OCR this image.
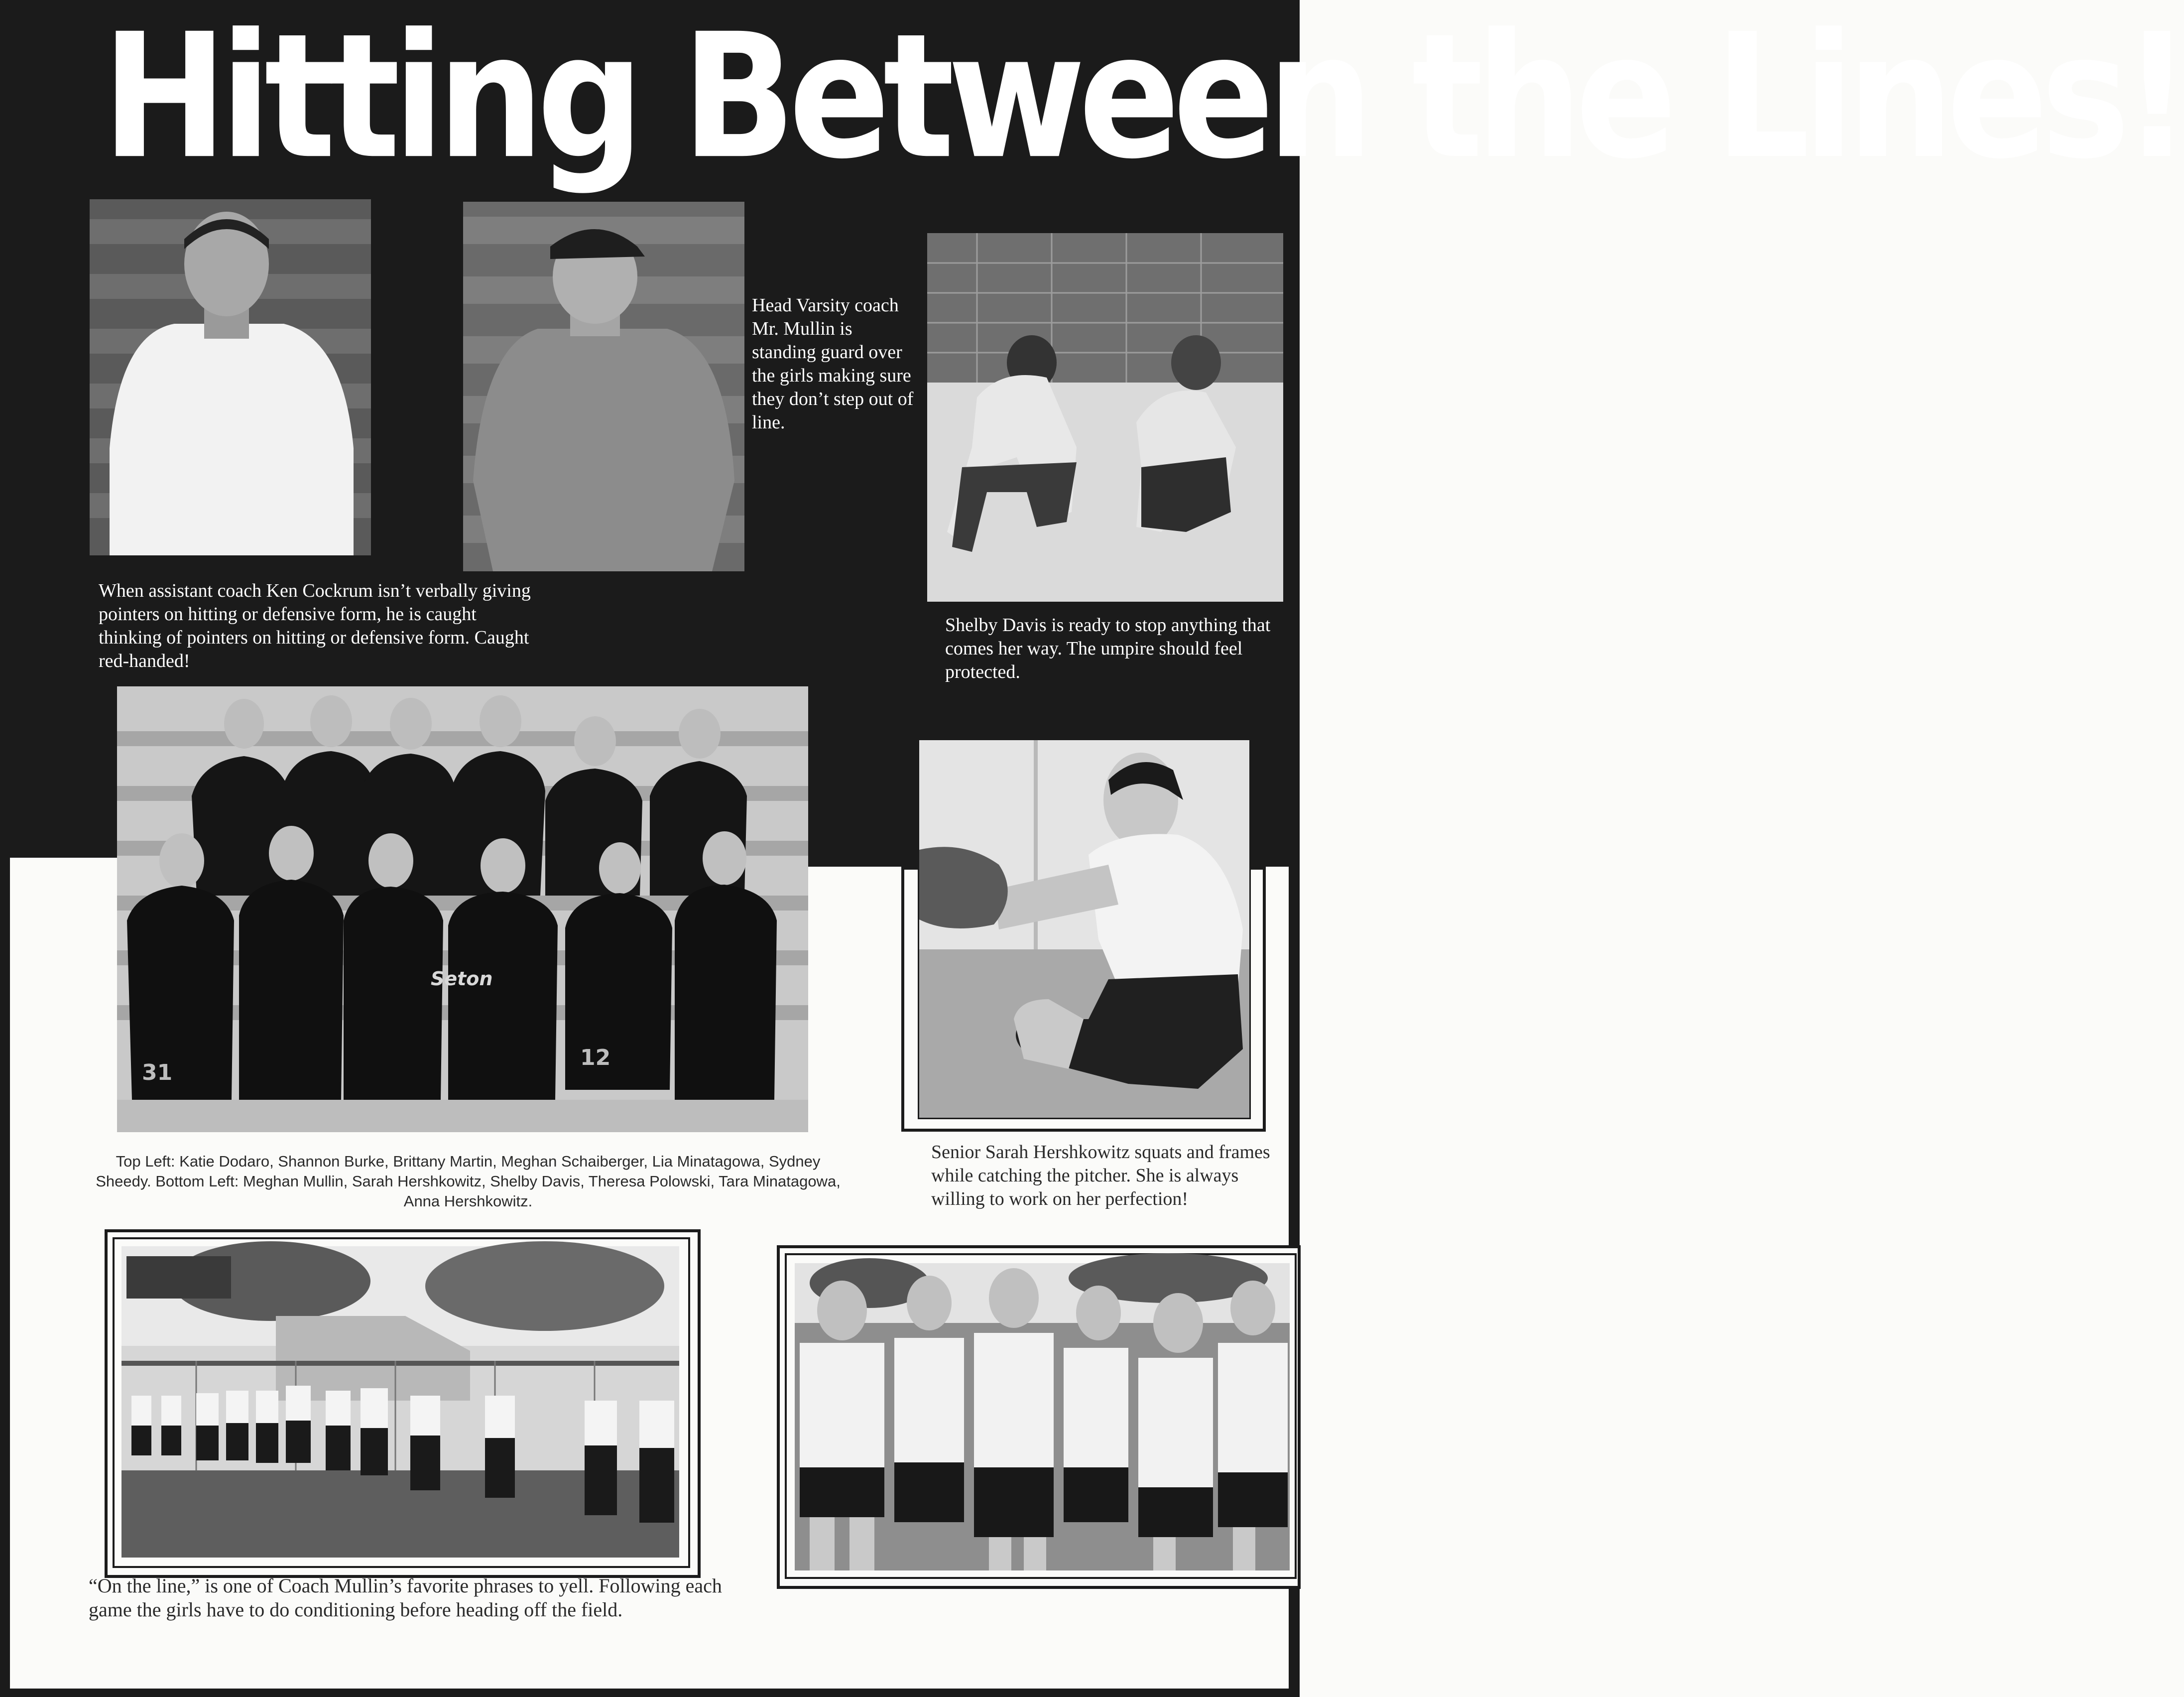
Hitting Between the Lines!
Head Varsity coach Mr. Mullin is standing guard over the girls making sure they don’t step out of line.
When assistant coach Ken Cockrum isn’t verbally giving pointers on hitting or defensive form, he is caught thinking of pointers on hitting or defensive form. Caught red-handed!
Shelby Davis is ready to stop anything that comes her way. The umpire should feel protected.
Seton
31
12
Top Left: Katie Dodaro, Shannon Burke, Brittany Martin, Meghan Schaiberger, Lia Minatagowa, Sydney Sheedy. Bottom Left: Meghan Mullin, Sarah Hershkowitz, Shelby Davis, Theresa Polowski, Tara Minatagowa, Anna Hershkowitz.
Senior Sarah Hershkowitz squats and frames while catching the pitcher. She is always willing to work on her perfection!
“On the line,” is one of Coach Mullin’s favorite phrases to yell. Following each game the girls have to do conditioning before heading off the field.
